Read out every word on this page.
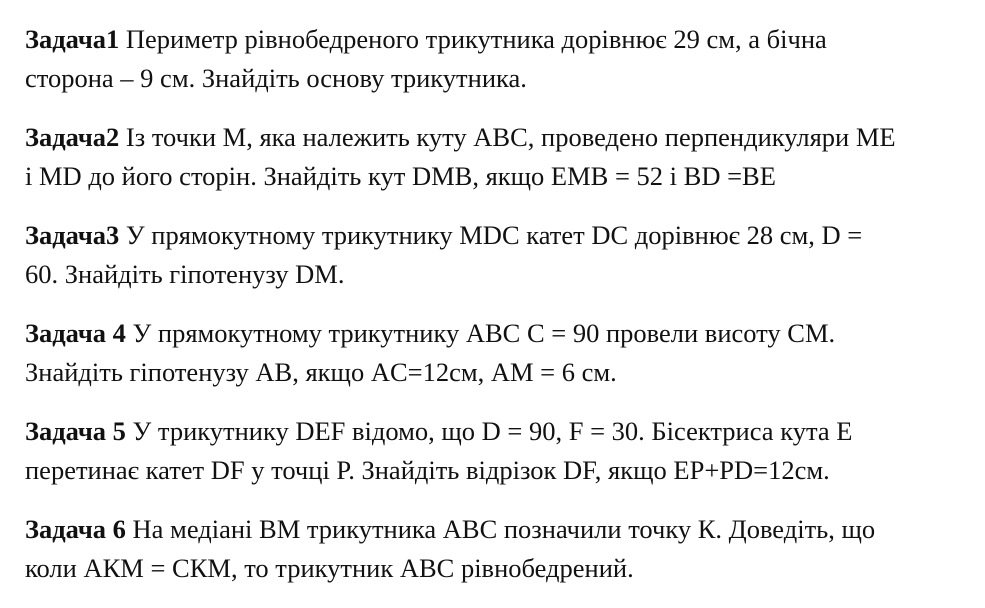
Задача1 Периметр рівнобедреного трикутника дорівнює 29 см, а бічна
сторона – 9 см. Знайдіть основу трикутника.
Задача2 Із точки М, яка належить куту АВС, проведено перпендикуляри МЕ
і МD до його сторін. Знайдіть кут DMB, якщо ЕMB = 52 і BD =BE
Задача3 У прямокутному трикутнику MDC катет DC дорівнює 28 см, D =
60. Знайдіть гіпотенузу DM.
Задача 4 У прямокутному трикутнику ABC C = 90 провели висоту CM.
Знайдіть гіпотенузу AB, якщо AC=12см, AM = 6 см.
Задача 5 У трикутнику DEF відомо, що D = 90, F = 30. Бісектриса кута E
перетинає катет DF у точці P. Знайдіть відрізок DF, якщо EP+PD=12см.
Задача 6 На медіані ВМ трикутника АВС позначили точку К. Доведіть, що
коли АКМ = СКМ, то трикутник АВС рівнобедрений.
